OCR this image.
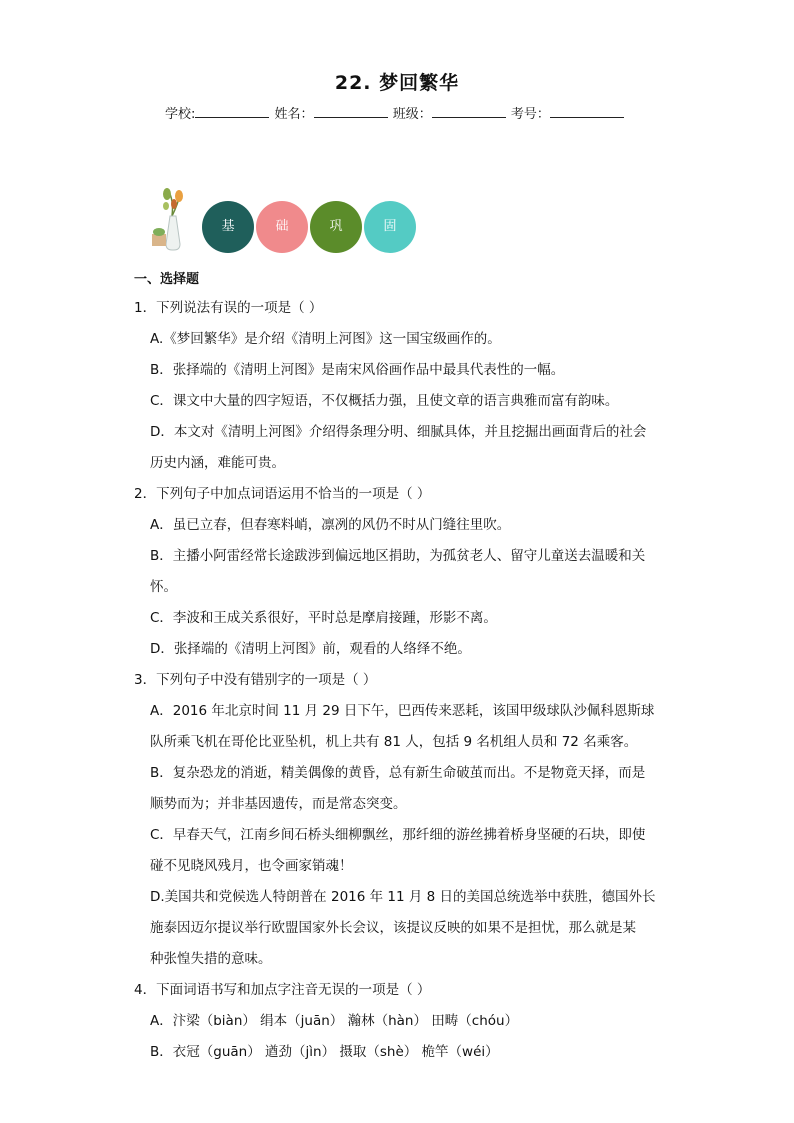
22. 梦回繁华
学校:	姓名：	班级：	考号：
基	础	巩	固
一、选择题
1．下列说法有误的一项是（ ）
A.《梦回繁华》是介绍《清明上河图》这一国宝级画作的。
B．张择端的《清明上河图》是南宋风俗画作品中最具代表性的一幅。
C．课文中大量的四字短语，不仅概括力强，且使文章的语言典雅而富有韵味。
D．本文对《清明上河图》介绍得条理分明、细腻具体，并且挖掘出画面背后的社会
历史内涵，难能可贵。
2．下列句子中加点词语运用不恰当的一项是（ ）
A．虽已立春，但春寒料峭，凛冽的风仍不时从门缝往里吹。
B．主播小阿雷经常长途跋涉到偏远地区捐助，为孤贫老人、留守儿童送去温暖和关
怀。
C．李波和王成关系很好，平时总是摩肩接踵，形影不离。
D．张择端的《清明上河图》前，观看的人络绎不绝。
3．下列句子中没有错别字的一项是（ ）
A．2016 年北京时间 11 月 29 日下午，巴西传来恶耗，该国甲级球队沙佩科恩斯球
队所乘飞机在哥伦比亚坠机，机上共有 81 人，包括 9 名机组人员和 72 名乘客。
B．复杂恐龙的消逝，精美偶像的黄昏，总有新生命破茧而出。不是物竟天择，而是
顺势而为；并非基因遗传，而是常态突变。
C．早春天气，江南乡间石桥头细柳飘丝，那纤细的游丝拂着桥身坚硬的石块，即使
碰不见晓风残月，也令画家销魂！
D.美国共和党候选人特朗普在 2016 年 11 月 8 日的美国总统选举中获胜，德国外长
施泰因迈尔提议举行欧盟国家外长会议，该提议反映的如果不是担忧，那么就是某
种张惶失措的意味。
4．下面词语书写和加点字注音无误的一项是（ ）
A．汴梁（biàn） 绢本（juān） 瀚林（hàn） 田畴（chóu）
B．衣冠（guān） 遒劲（jìn） 摄取（shè） 桅竿（wéi）
